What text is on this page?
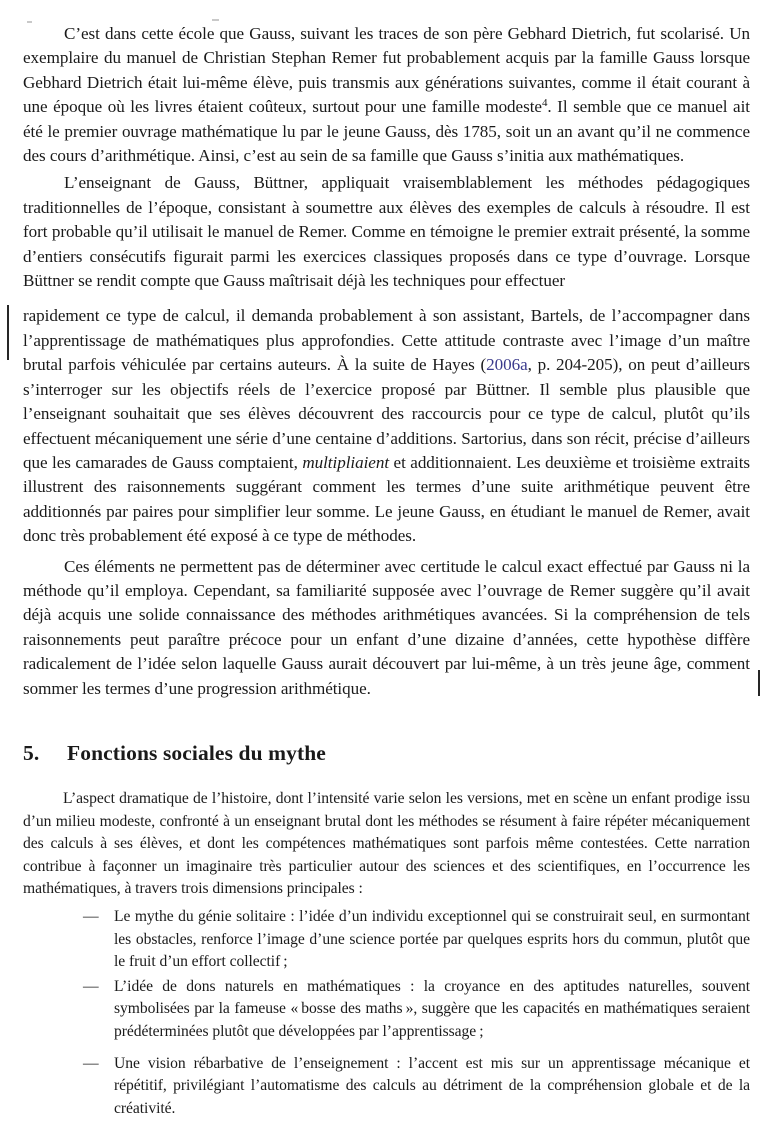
C’est dans cette école que Gauss, suivant les traces de son père Gebhard Dietrich, fut scolarisé. Un exemplaire du manuel de Christian Stephan Remer fut probablement acquis par la famille Gauss lorsque Gebhard Dietrich était lui-même élève, puis transmis aux générations suivantes, comme il était courant à une époque où les livres étaient coûteux, surtout pour une famille modeste$^4$. Il semble que ce manuel ait été le premier ouvrage mathématique lu par le jeune Gauss, dès 1785, soit un an avant qu’il ne commence des cours d’arithmétique. Ainsi, c’est au sein de sa famille que Gauss s’initia aux mathématiques.

L’enseignant de Gauss, Büttner, appliquait vraisemblablement les méthodes pédagogiques traditionnelles de l’époque, consistant à soumettre aux élèves des exemples de calculs à résoudre. Il est fort probable qu’il utilisait le manuel de Remer. Comme en témoigne le premier extrait présenté, la somme d’entiers consécutifs figurait parmi les exercices classiques proposés dans ce type d’ouvrage. Lorsque Büttner se rendit compte que Gauss maîtrisait déjà les techniques pour effectuer

rapidement ce type de calcul, il demanda probablement à son assistant, Bartels, de l’accompagner dans l’apprentissage de mathématiques plus approfondies. Cette attitude contraste avec l’image d’un maître brutal parfois véhiculée par certains auteurs. À la suite de Hayes (2006a, p. 204-205), on peut d’ailleurs s’interroger sur les objectifs réels de l’exercice proposé par Büttner. Il semble plus plausible que l’enseignant souhaitait que ses élèves découvrent des raccourcis pour ce type de calcul, plutôt qu’ils effectuent mécaniquement une série d’une centaine d’additions. Sartorius, dans son récit, précise d’ailleurs que les camarades de Gauss comptaient, multipliaient et additionnaient. Les deuxième et troisième extraits illustrent des raisonnements suggérant comment les termes d’une suite arithmétique peuvent être additionnés par paires pour simplifier leur somme. Le jeune Gauss, en étudiant le manuel de Remer, avait donc très probablement été exposé à ce type de méthodes.

Ces éléments ne permettent pas de déterminer avec certitude le calcul exact effectué par Gauss ni la méthode qu’il employa. Cependant, sa familiarité supposée avec l’ouvrage de Remer suggère qu’il avait déjà acquis une solide connaissance des méthodes arithmétiques avancées. Si la compréhension de tels raisonnements peut paraître précoce pour un enfant d’une dizaine d’années, cette hypothèse diffère radicalement de l’idée selon laquelle Gauss aurait découvert par lui-même, à un très jeune âge, comment sommer les termes d’une progression arithmétique.

5. Fonctions sociales du mythe

L’aspect dramatique de l’histoire, dont l’intensité varie selon les versions, met en scène un enfant prodige issu d’un milieu modeste, confronté à un enseignant brutal dont les méthodes se résument à faire répéter mécaniquement des calculs à ses élèves, et dont les compétences mathématiques sont parfois même contestées. Cette narration contribue à façonner un imaginaire très particulier autour des sciences et des scientifiques, en l’occurrence les mathématiques, à travers trois dimensions principales :

— Le mythe du génie solitaire : l’idée d’un individu exceptionnel qui se construirait seul, en surmontant les obstacles, renforce l’image d’une science portée par quelques esprits hors du commun, plutôt que le fruit d’un effort collectif ;
— L’idée de dons naturels en mathématiques : la croyance en des aptitudes naturelles, souvent symbolisées par la fameuse « bosse des maths », suggère que les capacités en mathématiques seraient prédéterminées plutôt que développées par l’apprentissage ;
— Une vision rébarbative de l’enseignement : l’accent est mis sur un apprentissage mécanique et répétitif, privilégiant l’automatisme des calculs au détriment de la compréhension globale et de la créativité.
